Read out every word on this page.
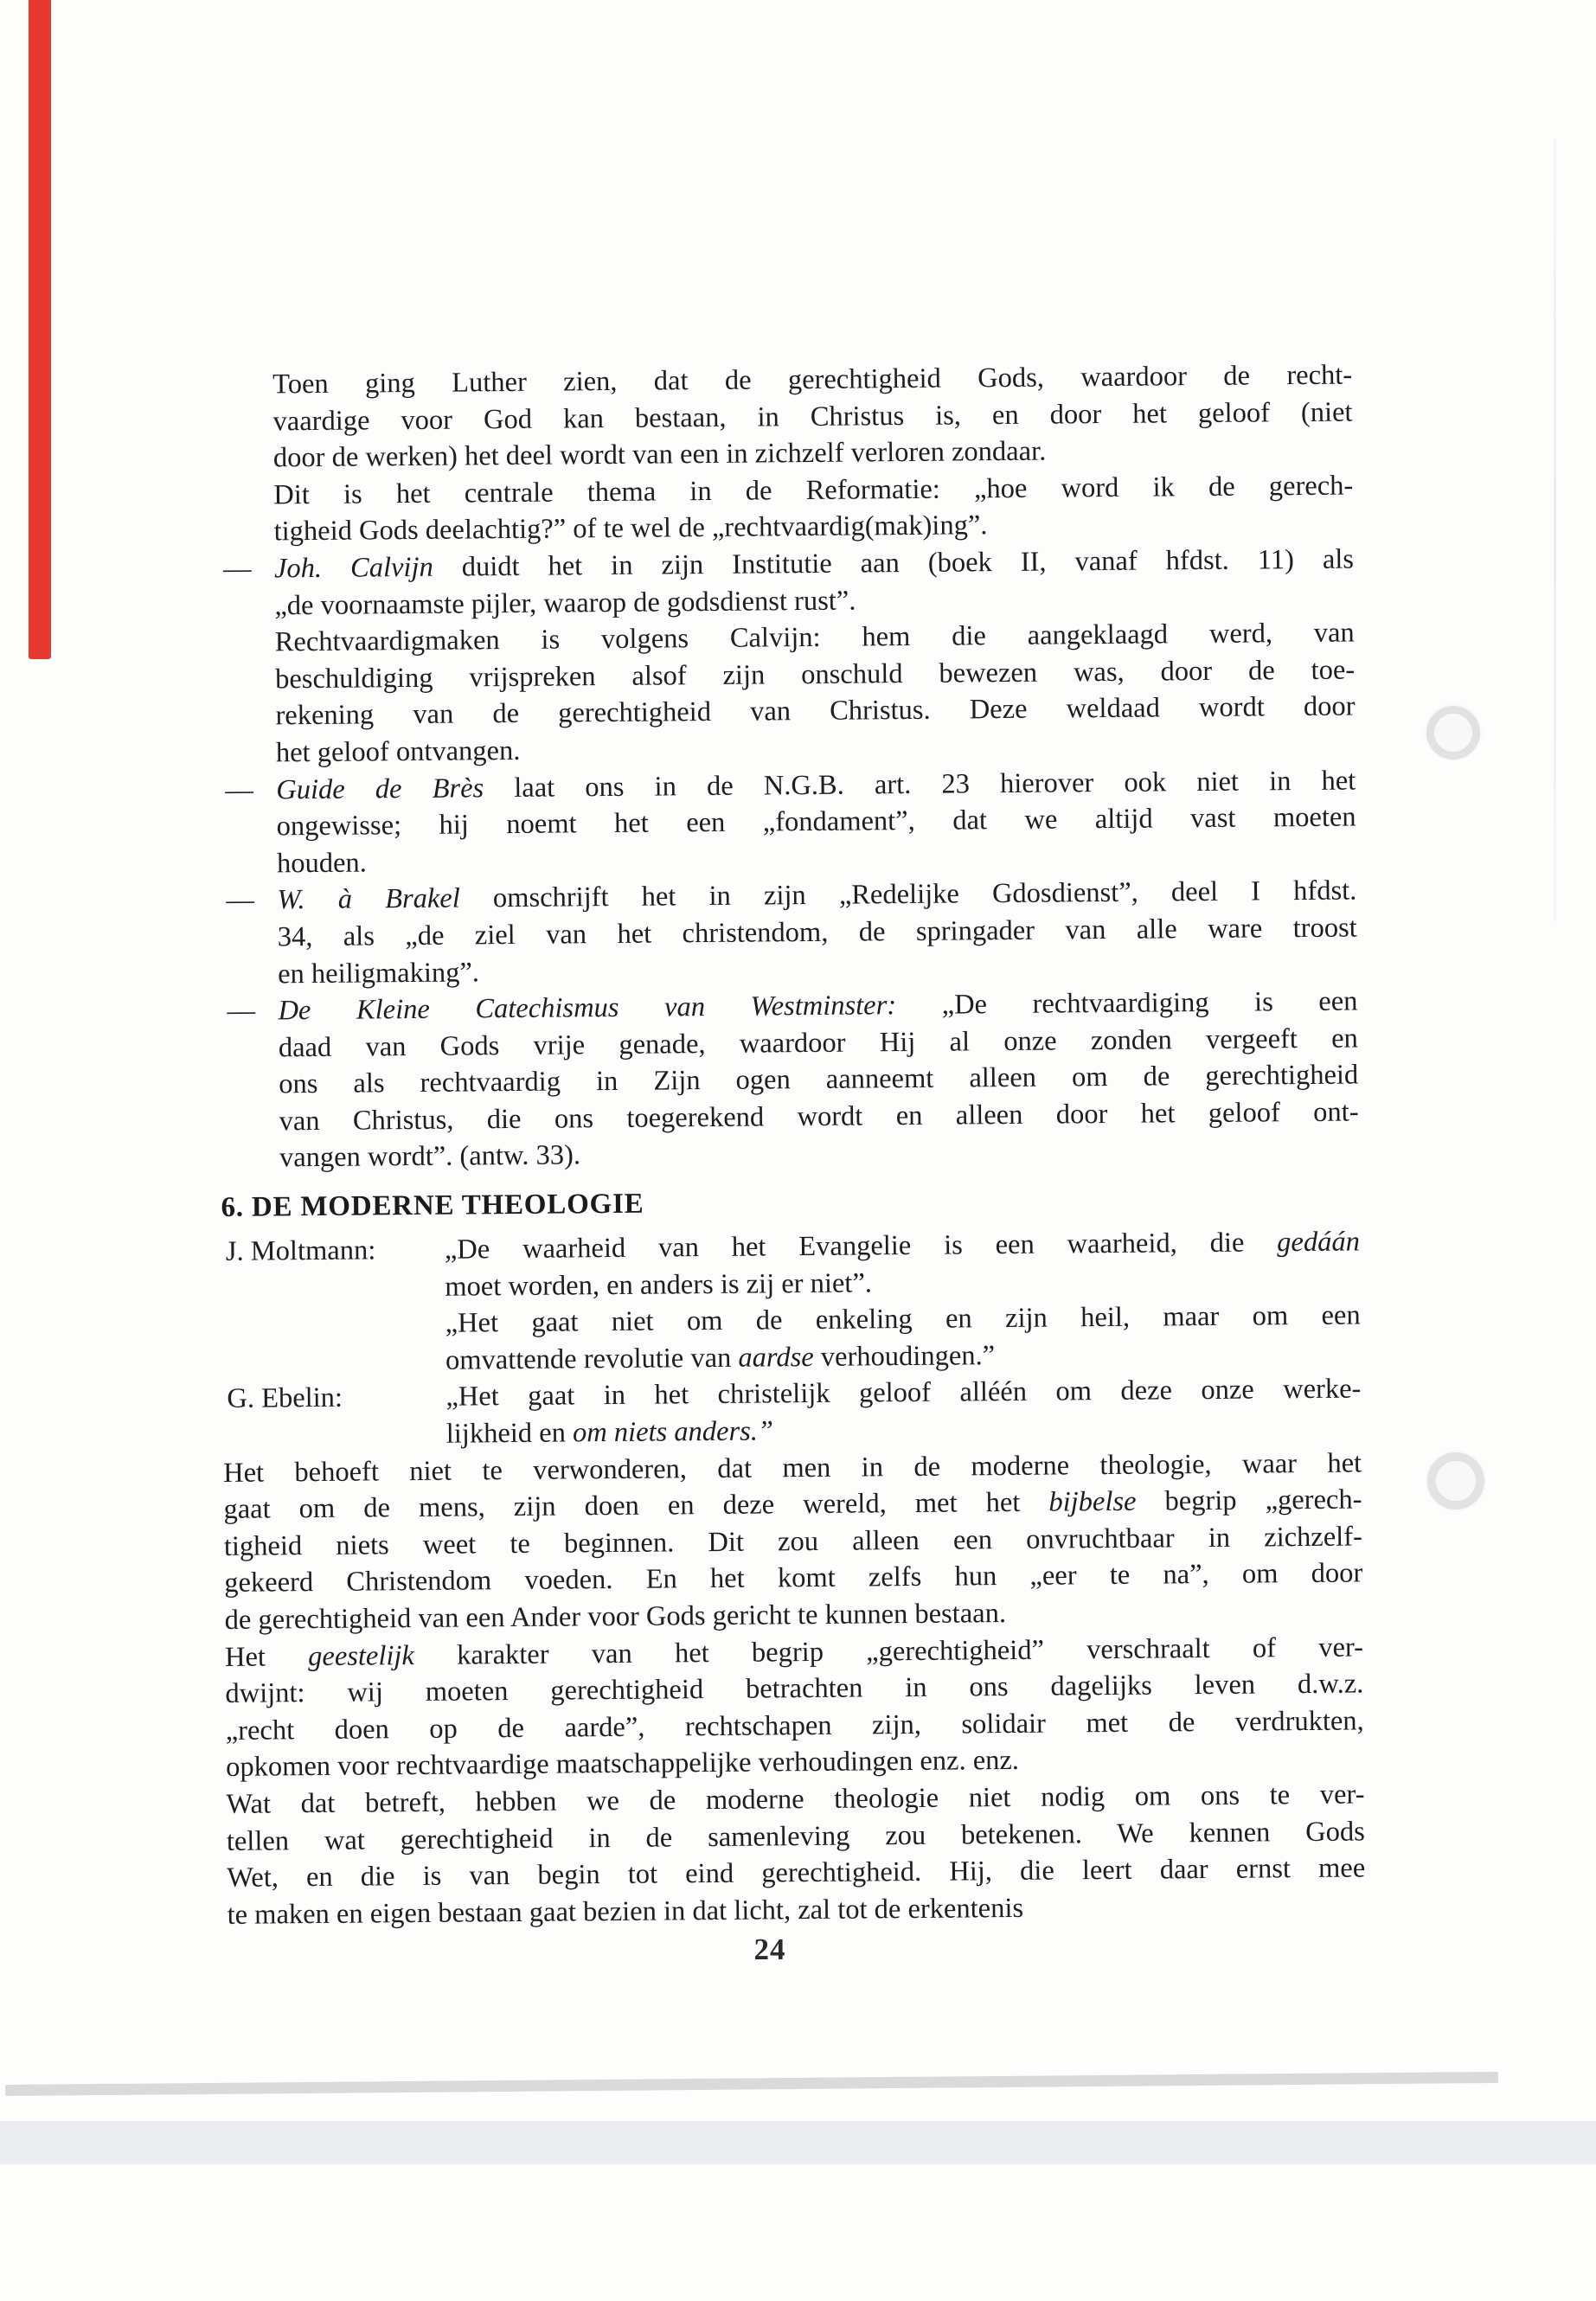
Toen ging Luther zien, dat de gerechtigheid Gods, waardoor de recht-
vaardige voor God kan bestaan, in Christus is, en door het geloof (niet
door de werken) het deel wordt van een in zichzelf verloren zondaar.
Dit is het centrale thema in de Reformatie: „hoe word ik de gerech-
tigheid Gods deelachtig?” of te wel de „rechtvaardig(mak)ing”.
— Joh. Calvijn duidt het in zijn Institutie aan (boek II, vanaf hfdst. 11) als
„de voornaamste pijler, waarop de godsdienst rust”.
Rechtvaardigmaken is volgens Calvijn: hem die aangeklaagd werd, van
beschuldiging vrijspreken alsof zijn onschuld bewezen was, door de toe-
rekening van de gerechtigheid van Christus. Deze weldaad wordt door
het geloof ontvangen.
— Guide de Brès laat ons in de N.G.B. art. 23 hierover ook niet in het
ongewisse; hij noemt het een „fondament”, dat we altijd vast moeten
houden.
— W. à Brakel omschrijft het in zijn „Redelijke Gdosdienst”, deel I hfdst.
34, als „de ziel van het christendom, de springader van alle ware troost
en heiligmaking”.
— De Kleine Catechismus van Westminster: „De rechtvaardiging is een
daad van Gods vrije genade, waardoor Hij al onze zonden vergeeft en
ons als rechtvaardig in Zijn ogen aanneemt alleen om de gerechtigheid
van Christus, die ons toegerekend wordt en alleen door het geloof ont-
vangen wordt”. (antw. 33).
6. DE MODERNE THEOLOGIE
J. Moltmann: „De waarheid van het Evangelie is een waarheid, die gedáán
moet worden, en anders is zij er niet”.
„Het gaat niet om de enkeling en zijn heil, maar om een
omvattende revolutie van aardse verhoudingen.”
G. Ebelin:	„Het gaat in het christelijk geloof alléén om deze onze werke-
lijkheid en om niets anders.”
Het behoeft niet te verwonderen, dat men in de moderne theologie, waar het
gaat om de mens, zijn doen en deze wereld, met het bijbelse begrip „gerech-
tigheid niets weet te beginnen. Dit zou alleen een onvruchtbaar in zichzelf-
gekeerd Christendom voeden. En het komt zelfs hun „eer te na”, om door
de gerechtigheid van een Ander voor Gods gericht te kunnen bestaan.
Het geestelijk karakter van het begrip „gerechtigheid” verschraalt of ver-
dwijnt: wij moeten gerechtigheid betrachten in ons dagelijks leven d.w.z.
„recht doen op de aarde”, rechtschapen zijn, solidair met de verdrukten,
opkomen voor rechtvaardige maatschappelijke verhoudingen enz. enz.
Wat dat betreft, hebben we de moderne theologie niet nodig om ons te ver-
tellen wat gerechtigheid in de samenleving zou betekenen. We kennen Gods
Wet, en die is van begin tot eind gerechtigheid. Hij, die leert daar ernst mee
te maken en eigen bestaan gaat bezien in dat licht, zal tot de erkentenis
24
